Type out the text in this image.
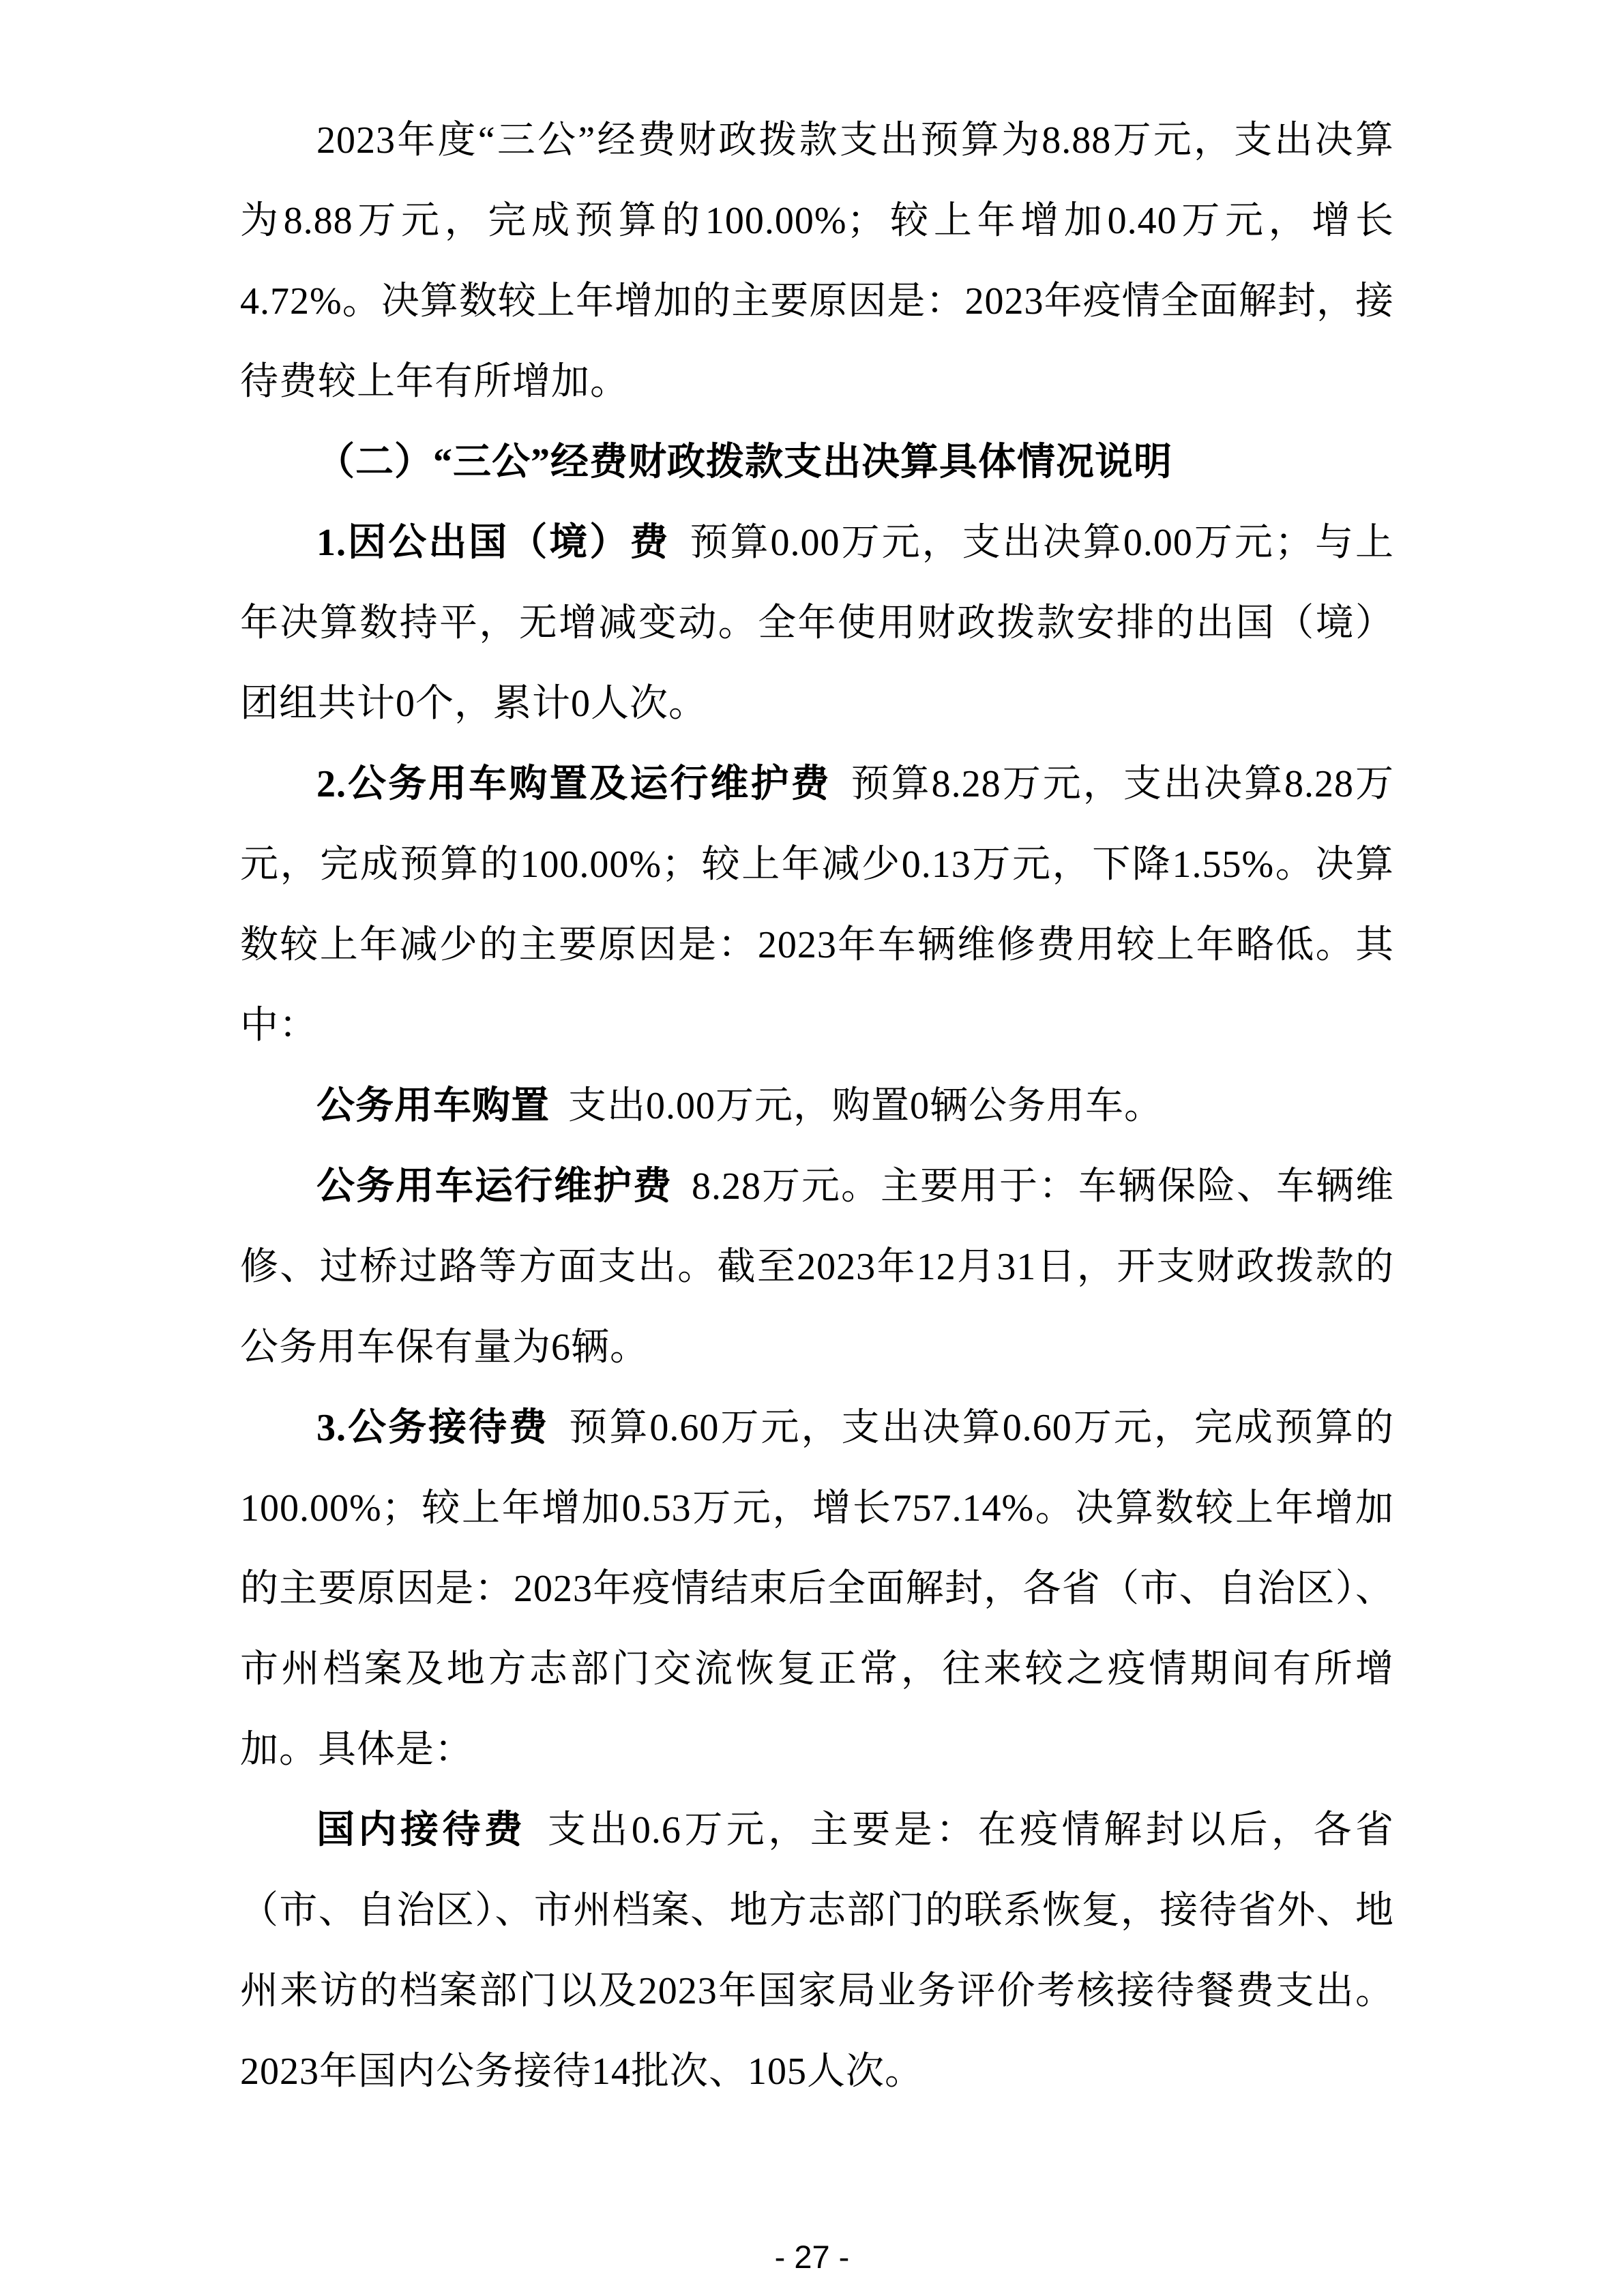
2023年度“三公”经费财政拨款支出预算为8.88万元，支出决算为8.88万元，完成预算的100.00%；较上年增加0.40万元，增长4.72%。决算数较上年增加的主要原因是：2023年疫情全面解封，接待费较上年有所增加。

（二）“三公”经费财政拨款支出决算具体情况说明

1.因公出国（境）费 预算0.00万元，支出决算0.00万元；与上年决算数持平，无增减变动。全年使用财政拨款安排的出国（境）团组共计0个，累计0人次。

2.公务用车购置及运行维护费 预算8.28万元，支出决算8.28万元，完成预算的100.00%；较上年减少0.13万元，下降1.55%。决算数较上年减少的主要原因是：2023年车辆维修费用较上年略低。其中：

公务用车购置 支出0.00万元，购置0辆公务用车。

公务用车运行维护费 8.28万元。主要用于：车辆保险、车辆维修、过桥过路等方面支出。截至2023年12月31日，开支财政拨款的公务用车保有量为6辆。

3.公务接待费 预算0.60万元，支出决算0.60万元，完成预算的100.00%；较上年增加0.53万元，增长757.14%。决算数较上年增加的主要原因是：2023年疫情结束后全面解封，各省（市、自治区）、市州档案及地方志部门交流恢复正常，往来较之疫情期间有所增加。具体是：

国内接待费 支出0.6万元，主要是：在疫情解封以后，各省（市、自治区）、市州档案、地方志部门的联系恢复，接待省外、地州来访的档案部门以及2023年国家局业务评价考核接待餐费支出。2023年国内公务接待14批次、105人次。

- 27 -
